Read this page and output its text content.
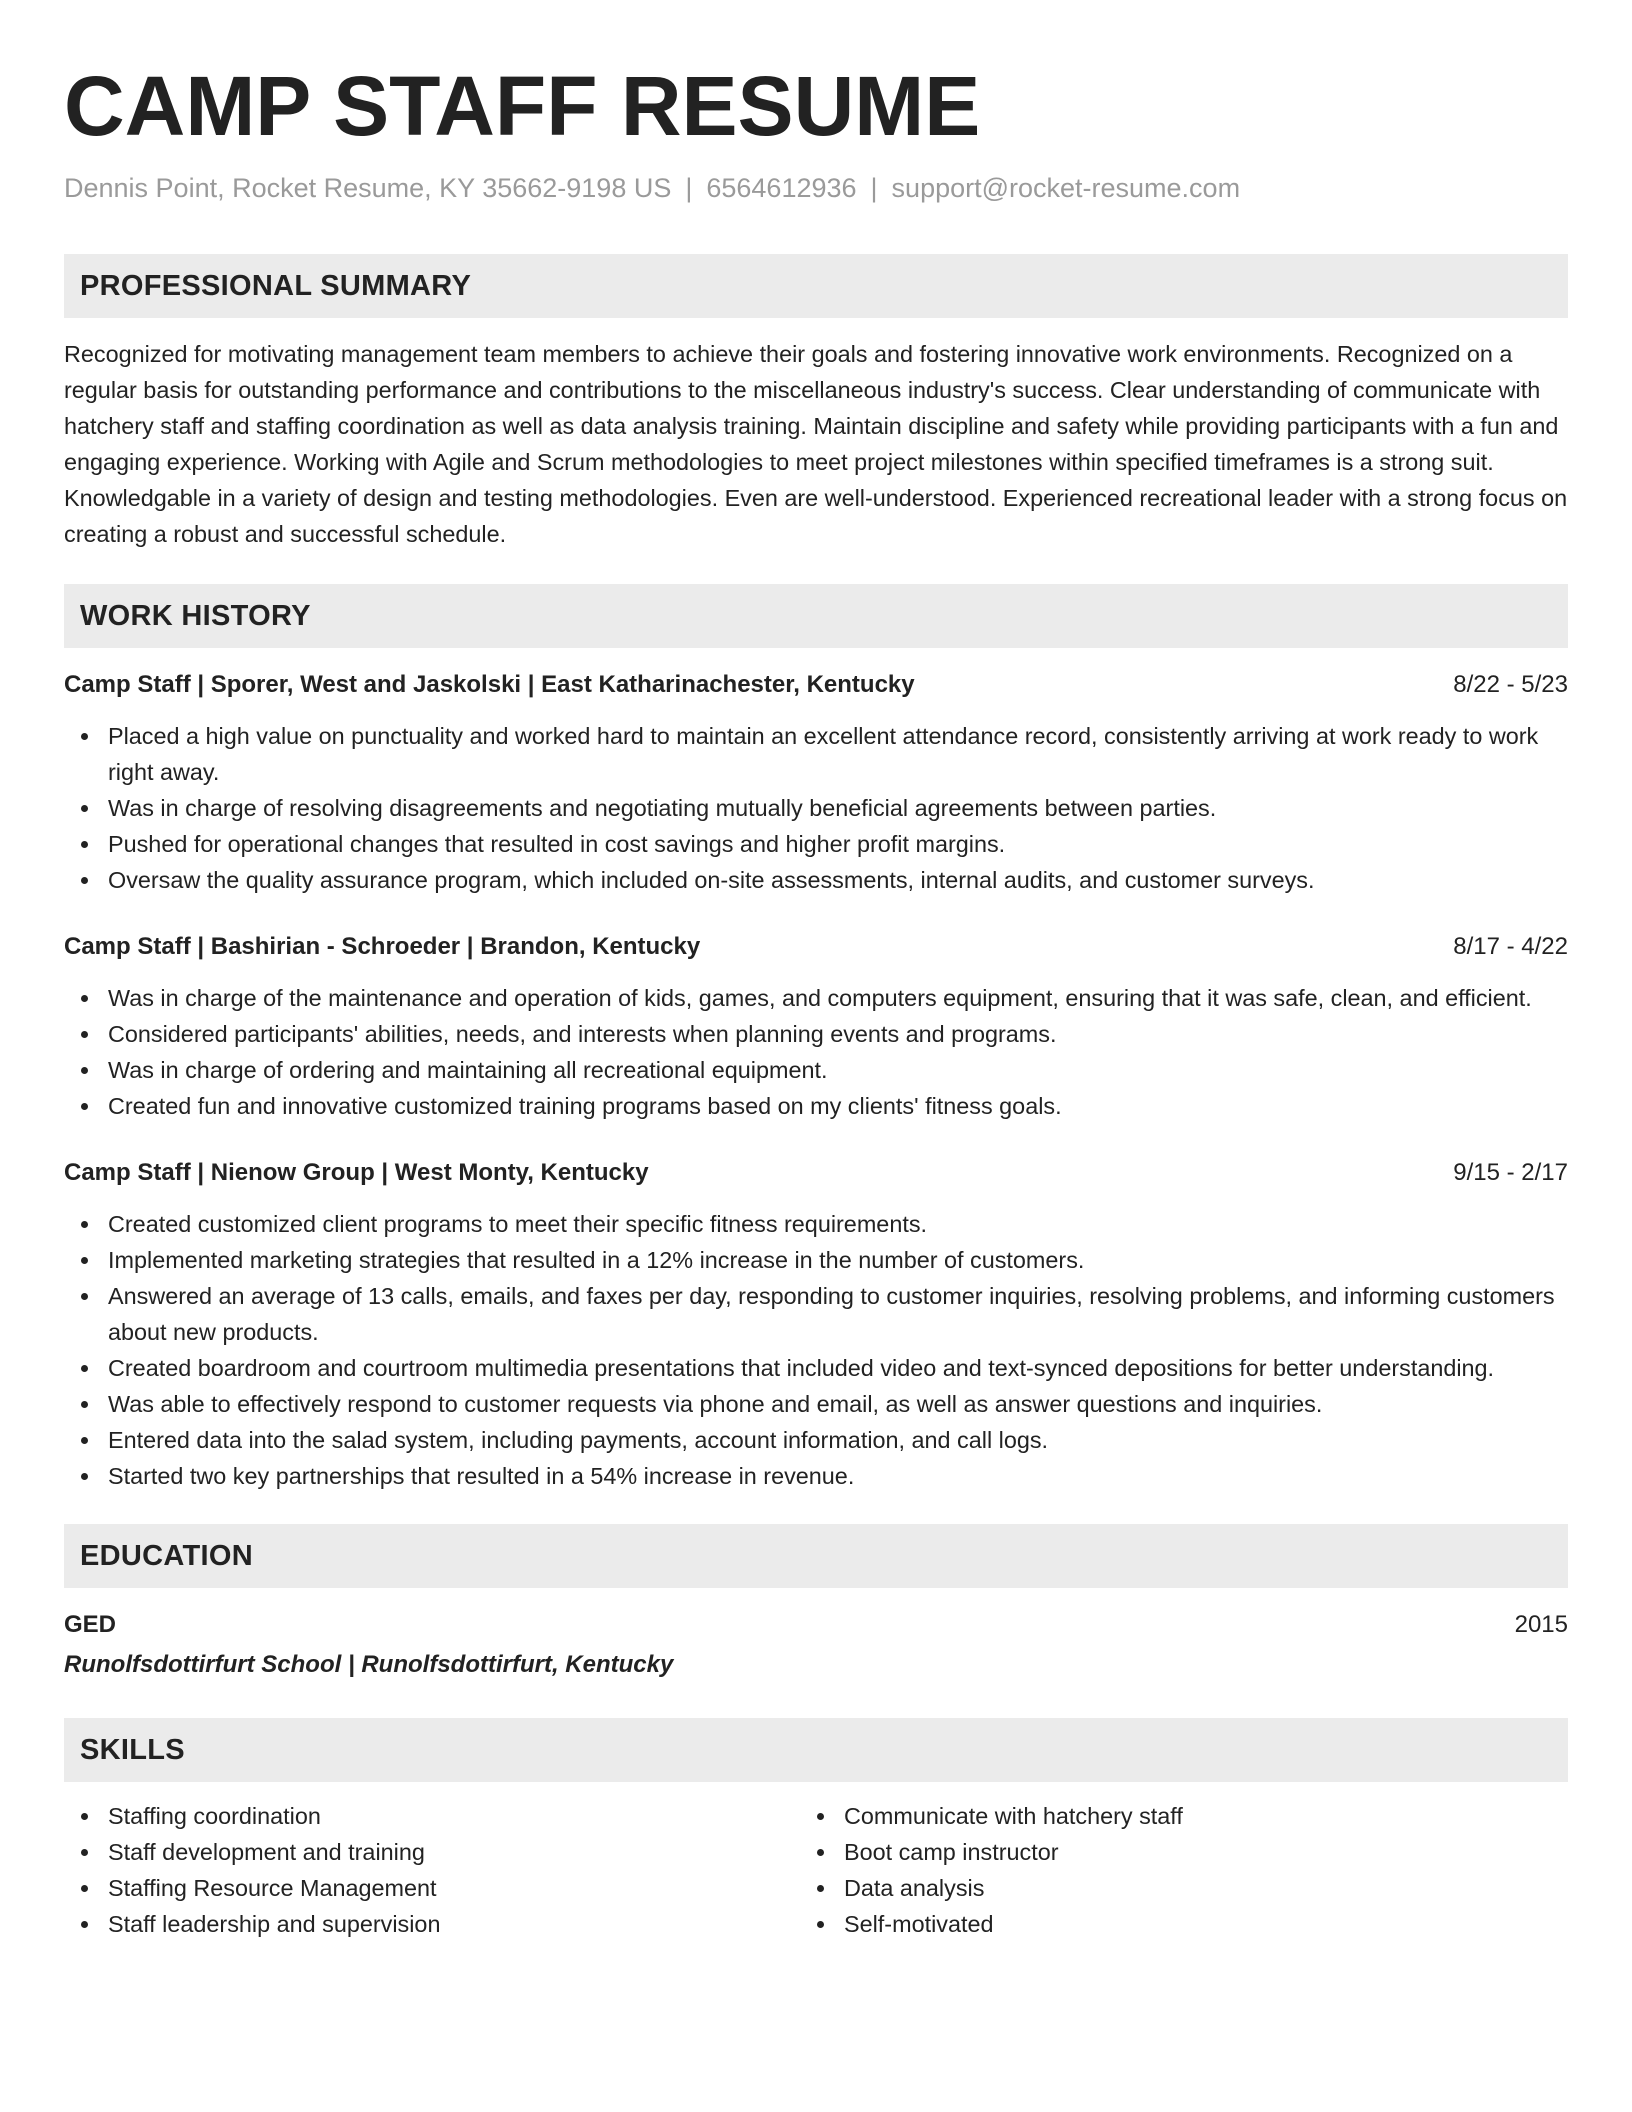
CAMP STAFF RESUME
Dennis Point, Rocket Resume, KY 35662-9198 US | 6564612936 | support@rocket-resume.com
PROFESSIONAL SUMMARY

Recognized for motivating management team members to achieve their goals and fostering innovative work environments. Recognized on a regular basis for outstanding performance and contributions to the miscellaneous industry's success. Clear understanding of communicate with hatchery staff and staffing coordination as well as data analysis training. Maintain discipline and safety while providing participants with a fun and engaging experience. Working with Agile and Scrum methodologies to meet project milestones within specified timeframes is a strong suit. Knowledgable in a variety of design and testing methodologies. Even are well-understood. Experienced recreational leader with a strong focus on creating a robust and successful schedule.

WORK HISTORY
Camp Staff | Sporer, West and Jaskolski | East Katharinachester, Kentucky	8/22 - 5/23
Placed a high value on punctuality and worked hard to maintain an excellent attendance record, consistently arriving at work ready to work right away.
Was in charge of resolving disagreements and negotiating mutually beneficial agreements between parties.
Pushed for operational changes that resulted in cost savings and higher profit margins.
Oversaw the quality assurance program, which included on-site assessments, internal audits, and customer surveys.
Camp Staff | Bashirian - Schroeder | Brandon, Kentucky	8/17 - 4/22
Was in charge of the maintenance and operation of kids, games, and computers equipment, ensuring that it was safe, clean, and efficient.
Considered participants' abilities, needs, and interests when planning events and programs.
Was in charge of ordering and maintaining all recreational equipment.
Created fun and innovative customized training programs based on my clients' fitness goals.
Camp Staff | Nienow Group | West Monty, Kentucky	9/15 - 2/17
Created customized client programs to meet their specific fitness requirements.
Implemented marketing strategies that resulted in a 12% increase in the number of customers.
Answered an average of 13 calls, emails, and faxes per day, responding to customer inquiries, resolving problems, and informing customers about new products.
Created boardroom and courtroom multimedia presentations that included video and text-synced depositions for better understanding.
Was able to effectively respond to customer requests via phone and email, as well as answer questions and inquiries.
Entered data into the salad system, including payments, account information, and call logs.
Started two key partnerships that resulted in a 54% increase in revenue.
EDUCATION
GED	2015
Runolfsdottirfurt School | Runolfsdottirfurt, Kentucky
SKILLS
Staffing coordination
Staff development and training
Staffing Resource Management
Staff leadership and supervision
Communicate with hatchery staff
Boot camp instructor
Data analysis
Self-motivated
